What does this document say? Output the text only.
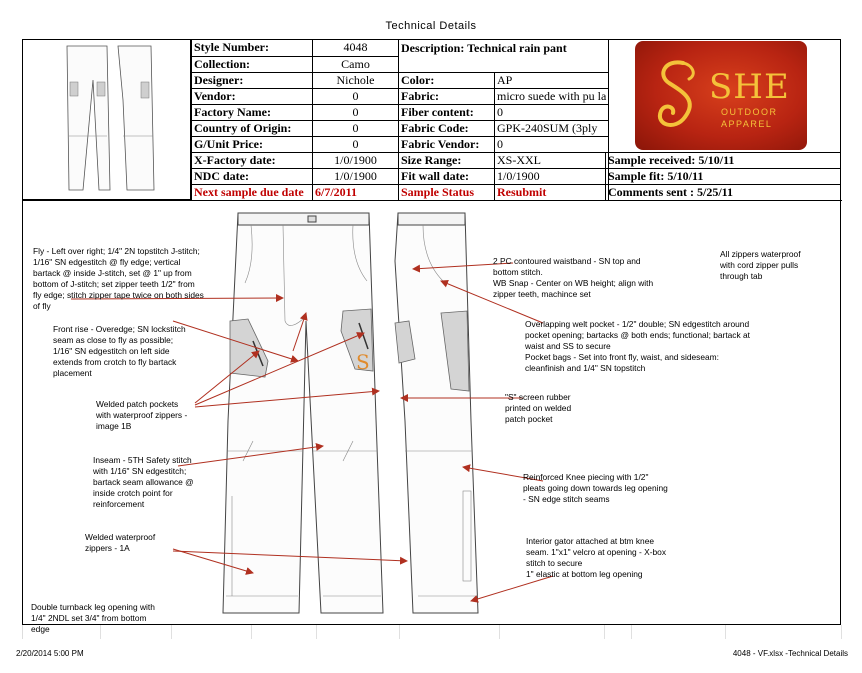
Technical Details
Style Number:	4048	Description: Technical rain pant	
Collection:	Camo		
Designer:	Nichole	Color:	AP
Vendor:	0	Fabric:	micro suede with pu la
Factory Name:	0	Fiber content:	0
Country of Origin:	0	Fabric Code:	GPK-240SUM (3ply
G/Unit Price:	0	Fabric Vendor:	0
X-Factory date:	1/0/1900	Size Range:	XS-XXL
NDC date:	1/0/1900	Fit wall date:	1/0/1900
Next sample due date	6/7/2011	Sample Status	Resubmit
Sample received: 5/10/11
Sample fit: 5/10/11
Comments sent : 5/25/11
SHE
OUTDOOR
APPAREL
S
Fly - Left over right; 1/4" 2N topstitch J-stitch;
1/16" SN edgestitch @ fly edge; vertical
bartack @ inside J-stitch, set @ 1" up from
bottom of J-stitch; set zipper teeth 1/2" from
fly edge; stitch zipper tape twice on both sides
of fly
Front rise - Overedge; SN lockstitch
seam as close to fly as possible;
1/16" SN edgestitch on left side
extends from crotch to fly bartack
placement
Welded patch pockets
with waterproof zippers -
image 1B
Inseam - 5TH Safety stitch
with 1/16" SN edgestitch;
bartack seam allowance @
inside crotch point for
reinforcement
Welded waterproof
zippers - 1A
Double turnback leg opening with
1/4" 2NDL set 3/4" from bottom
edge
2 PC contoured waistband - SN top and
bottom stitch.
WB Snap - Center on WB height; align with
zipper teeth, machince set
All zippers waterproof
with cord zipper pulls
through tab
Overlapping welt pocket - 1/2" double; SN edgestitch around
pocket opening; bartacks @ both ends; functional; bartack at
waist and SS to secure
Pocket bags - Set into front fly, waist, and sideseam:
cleanfinish and 1/4" SN topstitch
"S" screen rubber
printed on welded
patch pocket
Reinforced Knee piecing with 1/2"
pleats going down towards leg opening
- SN edge stitch seams
Interior gator attached at btm knee
seam. 1"x1" velcro at opening - X-box
stitch to secure
1" elastic at bottom leg opening
2/20/2014 5:00 PM	4048 - VF.xlsx -Technical Details
